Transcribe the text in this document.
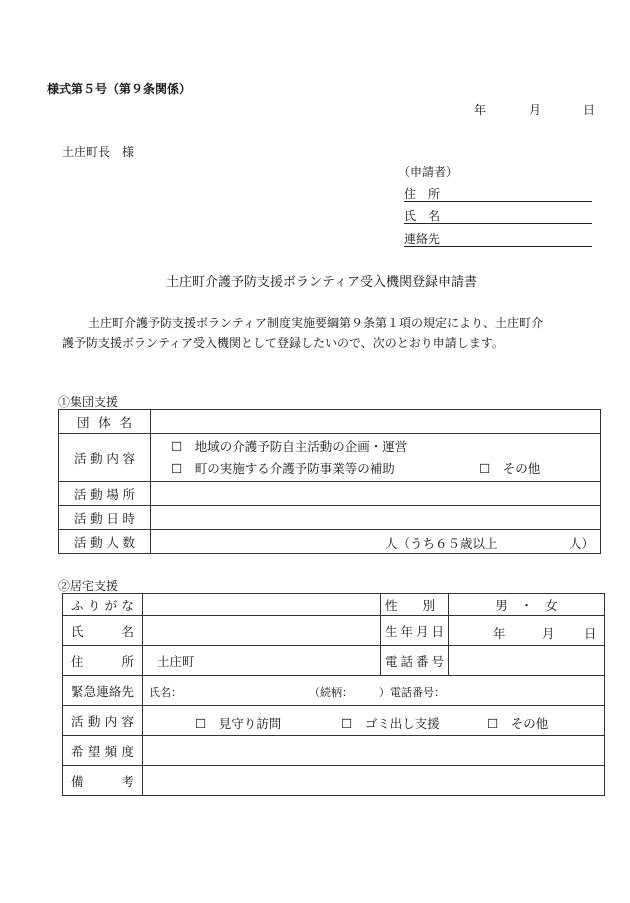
様式第５号（第９条関係）
年	月	日
土庄町長　様
（申請者）
住　所
氏　名
連絡先
土庄町介護予防支援ボランティア受入機関登録申請書
土庄町介護予防支援ボランティア制度実施要綱第９条第１項の規定により、土庄町介
護予防支援ボランティア受入機関として登録したいので、次のとおり申請します。
①集団支援
団体名	
活動内容	☐　地域の介護予防自主活動の企画・運営
☐　町の実施する介護予防事業等の補助 ☐　その他

活動場所	
活動日時	
活動人数	人（うち６５歳以上 人）
②居宅支援
ふりがな		性　　別	男　・　女
氏名		生年月日	年 月 日

住所	土庄町	電話番号	
緊急連絡先	氏名： （続柄： ）電話番号：		

活動内容	☐　見守り訪問 ☐　ゴミ出し支援 ☐　その他		

希望頻度			
備考			
